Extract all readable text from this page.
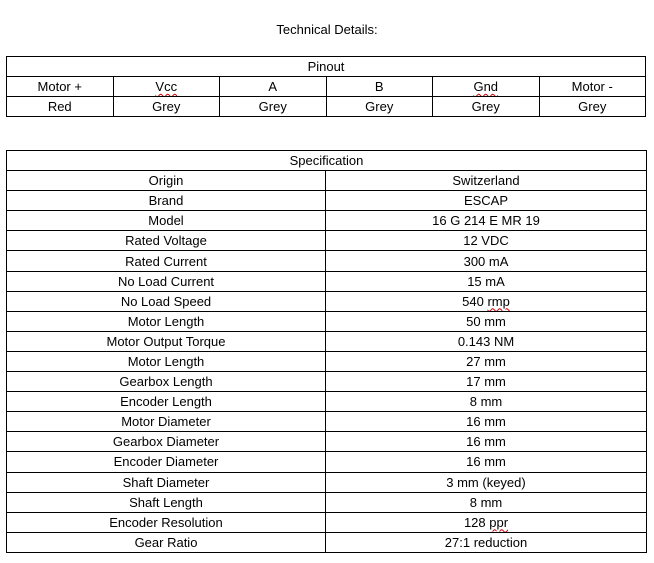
Technical Details:
Pinout					
Motor +	Vcc	A	B	Gnd	Motor -
Red	Grey	Grey	Grey	Grey	Grey
Specification	
Origin	Switzerland
Brand	ESCAP
Model	16 G 214 E MR 19
Rated Voltage	12 VDC
Rated Current	300 mA
No Load Current	15 mA
No Load Speed	540 rmp
Motor Length	50 mm
Motor Output Torque	0.143 NM
Motor Length	27 mm
Gearbox Length	17 mm
Encoder Length	8 mm
Motor Diameter	16 mm
Gearbox Diameter	16 mm
Encoder Diameter	16 mm
Shaft Diameter	3 mm (keyed)
Shaft Length	8 mm
Encoder Resolution	128 ppr
Gear Ratio	27:1 reduction
